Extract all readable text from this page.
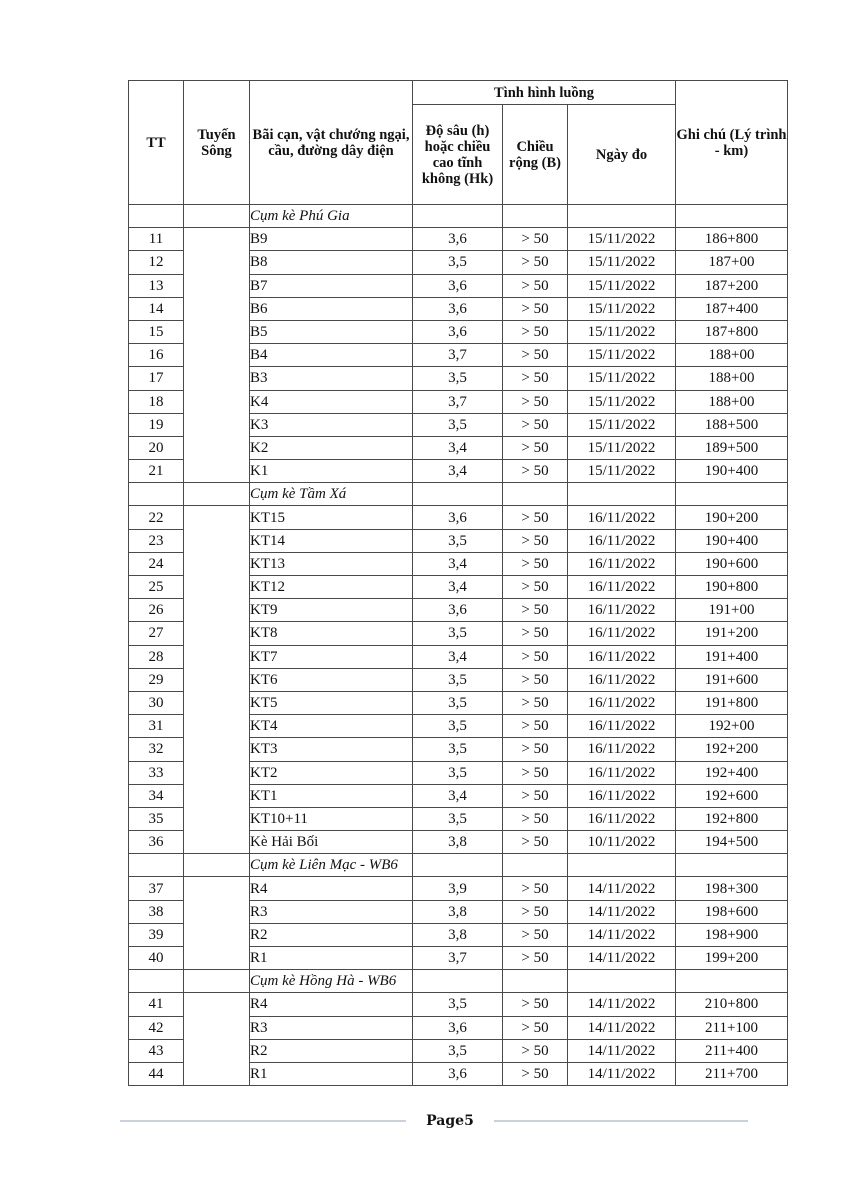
TT	Tuyến Sông	Bãi cạn, vật chướng ngại, cầu, đường dây điện	Tình hình luồng			Ghi chú (Lý trình - km)
			Độ sâu (h) hoặc chiều cao tĩnh không (Hk)	Chiều rộng (B)	Ngày đo	
		Cụm kè Phú Gia				
11		B9	3,6	> 50	15/11/2022	186+800
12		B8	3,5	> 50	15/11/2022	187+00
13		B7	3,6	> 50	15/11/2022	187+200
14		B6	3,6	> 50	15/11/2022	187+400
15		B5	3,6	> 50	15/11/2022	187+800
16		B4	3,7	> 50	15/11/2022	188+00
17		B3	3,5	> 50	15/11/2022	188+00
18		K4	3,7	> 50	15/11/2022	188+00
19		K3	3,5	> 50	15/11/2022	188+500
20		K2	3,4	> 50	15/11/2022	189+500
21		K1	3,4	> 50	15/11/2022	190+400
		Cụm kè Tầm Xá				
22		KT15	3,6	> 50	16/11/2022	190+200
23		KT14	3,5	> 50	16/11/2022	190+400
24		KT13	3,4	> 50	16/11/2022	190+600
25		KT12	3,4	> 50	16/11/2022	190+800
26		KT9	3,6	> 50	16/11/2022	191+00
27		KT8	3,5	> 50	16/11/2022	191+200
28		KT7	3,4	> 50	16/11/2022	191+400
29		KT6	3,5	> 50	16/11/2022	191+600
30		KT5	3,5	> 50	16/11/2022	191+800
31		KT4	3,5	> 50	16/11/2022	192+00
32		KT3	3,5	> 50	16/11/2022	192+200
33		KT2	3,5	> 50	16/11/2022	192+400
34		KT1	3,4	> 50	16/11/2022	192+600
35		KT10+11	3,5	> 50	16/11/2022	192+800
36		Kè Hải Bối	3,8	> 50	10/11/2022	194+500
		Cụm kè Liên Mạc - WB6				
37		R4	3,9	> 50	14/11/2022	198+300
38		R3	3,8	> 50	14/11/2022	198+600
39		R2	3,8	> 50	14/11/2022	198+900
40		R1	3,7	> 50	14/11/2022	199+200
		Cụm kè Hồng Hà - WB6				
41		R4	3,5	> 50	14/11/2022	210+800
42		R3	3,6	> 50	14/11/2022	211+100
43		R2	3,5	> 50	14/11/2022	211+400
44		R1	3,6	> 50	14/11/2022	211+700
Page5
